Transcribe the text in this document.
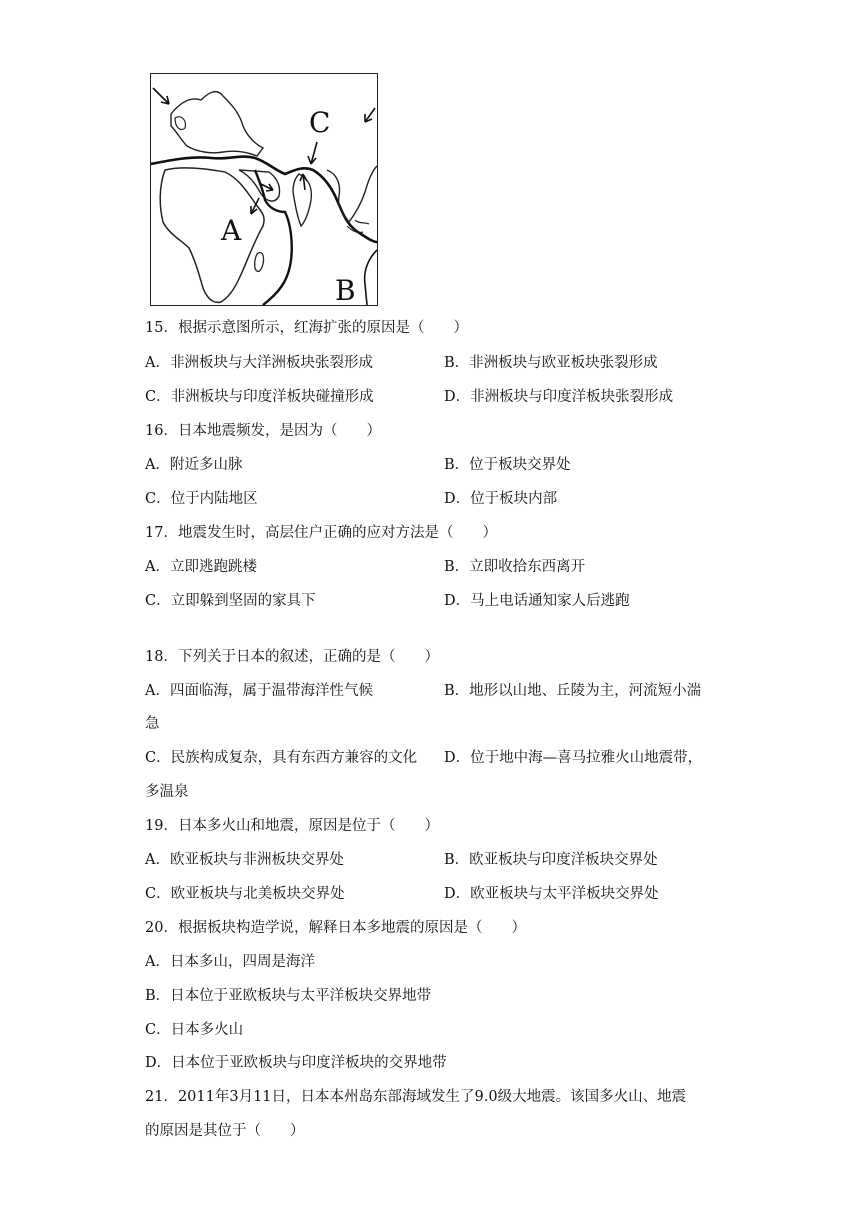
C
A
B
15．根据示意图所示，红海扩张的原因是（　　）
A．非洲板块与大洋洲板块张裂形成	B．非洲板块与欧亚板块张裂形成
C．非洲板块与印度洋板块碰撞形成	D．非洲板块与印度洋板块张裂形成
16．日本地震频发，是因为（　　）
A．附近多山脉	B．位于板块交界处
C．位于内陆地区	D．位于板块内部
17．地震发生时，高层住户正确的应对方法是（　　）
A．立即逃跑跳楼	B．立即收拾东西离开
C．立即躲到坚固的家具下	D．马上电话通知家人后逃跑
18．下列关于日本的叙述，正确的是（　　）
A．四面临海，属于温带海洋性气候	B．地形以山地、丘陵为主，河流短小湍
急
C．民族构成复杂，具有东西方兼容的文化 D．位于地中海—喜马拉雅火山地震带，
多温泉
19．日本多火山和地震，原因是位于（　　）
A．欧亚板块与非洲板块交界处	B．欧亚板块与印度洋板块交界处
C．欧亚板块与北美板块交界处	D．欧亚板块与太平洋板块交界处
20．根据板块构造学说，解释日本多地震的原因是（　　）
A．日本多山，四周是海洋
B．日本位于亚欧板块与太平洋板块交界地带
C．日本多火山
D．日本位于亚欧板块与印度洋板块的交界地带
21．2011年3月11日，日本本州岛东部海域发生了9.0级大地震。该国多火山、地震
的原因是其位于（　　）
